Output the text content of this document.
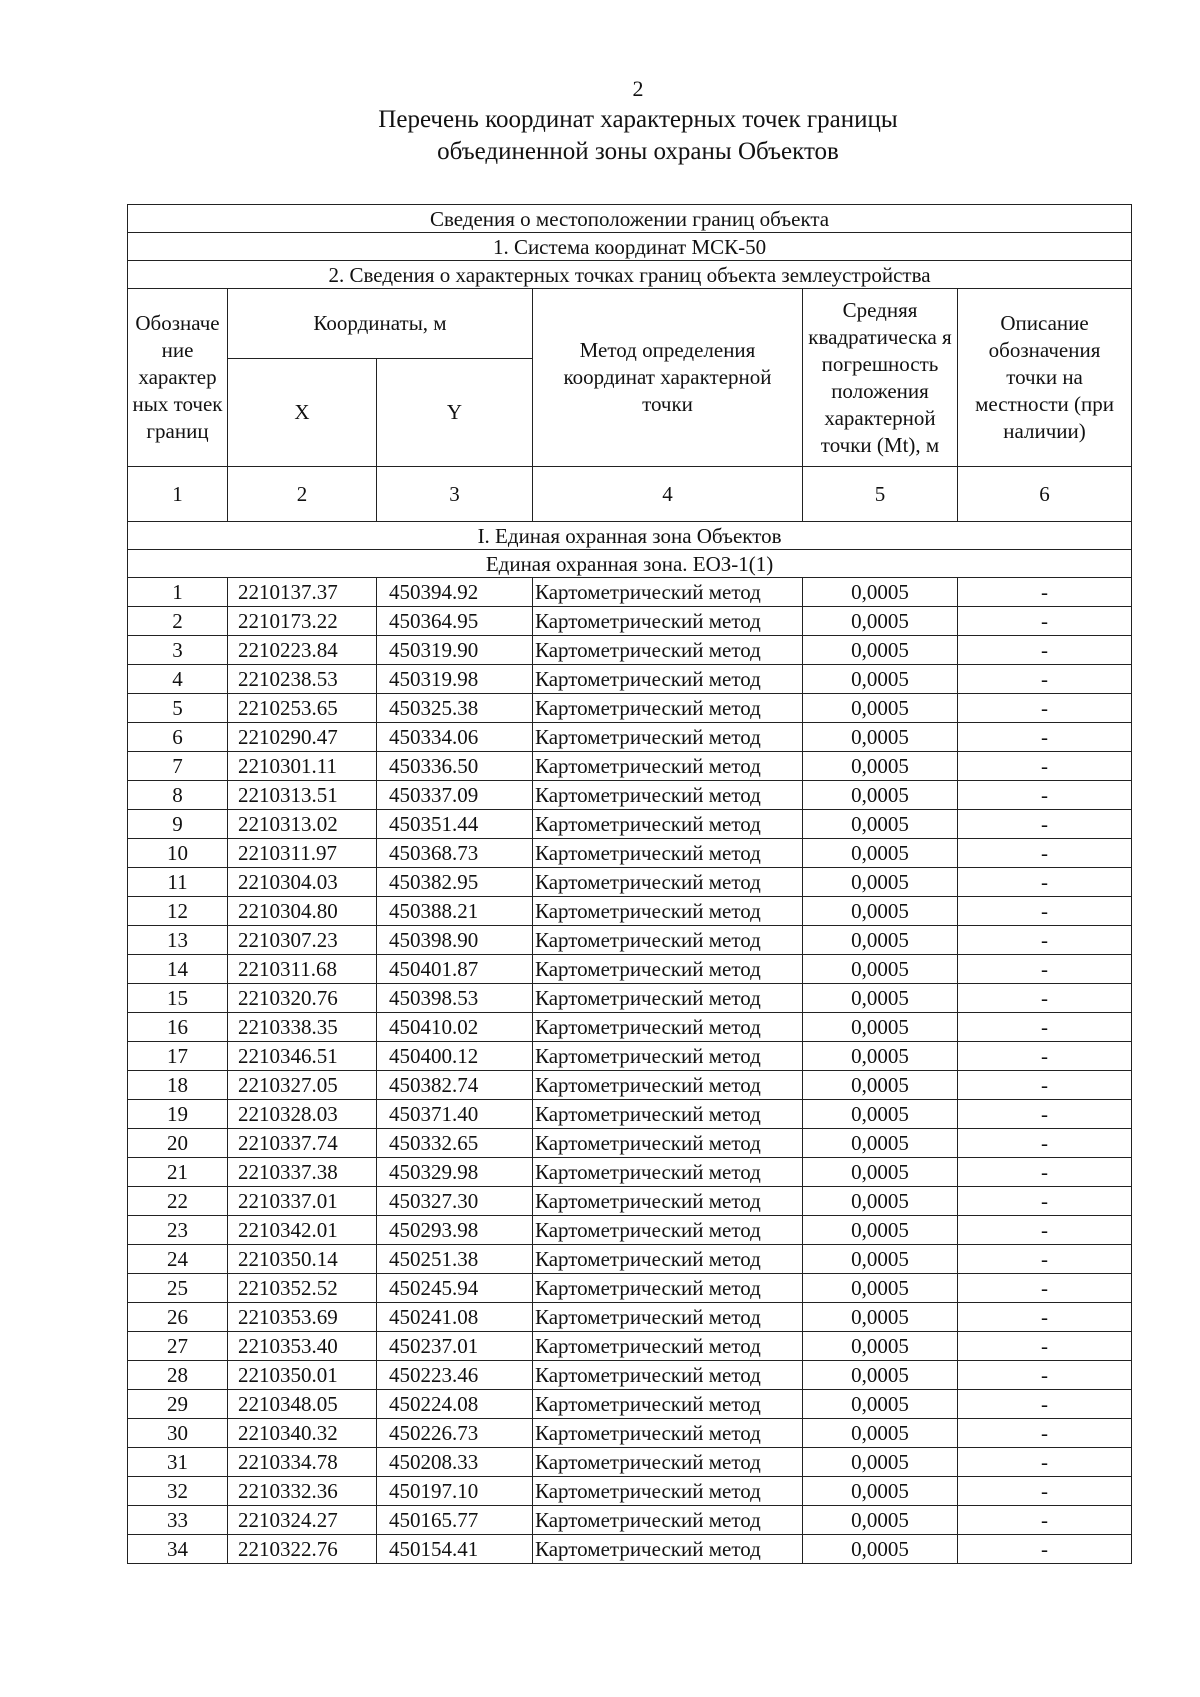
2
Перечень координат характерных точек границы
объединенной зоны охраны Объектов
Сведения о местоположении границ объекта					
1. Система координат МСК-50					
2. Сведения о характерных точках границ объекта землеустройства					
Обозначе ние характер ных точек границ	Координаты, м		Метод определения координат характерной точки	Средняя квадратическа я погрешность положения характерной точки (Mt), м	Описание обозначения точки на местности (при наличии)
	X	Y			
1	2	3	4	5	6
I. Единая охранная зона Объектов					
Единая охранная зона. ЕОЗ-1(1)					
1	2210137.37	450394.92	Картометрический метод	0,0005	-
2	2210173.22	450364.95	Картометрический метод	0,0005	-
3	2210223.84	450319.90	Картометрический метод	0,0005	-
4	2210238.53	450319.98	Картометрический метод	0,0005	-
5	2210253.65	450325.38	Картометрический метод	0,0005	-
6	2210290.47	450334.06	Картометрический метод	0,0005	-
7	2210301.11	450336.50	Картометрический метод	0,0005	-
8	2210313.51	450337.09	Картометрический метод	0,0005	-
9	2210313.02	450351.44	Картометрический метод	0,0005	-
10	2210311.97	450368.73	Картометрический метод	0,0005	-
11	2210304.03	450382.95	Картометрический метод	0,0005	-
12	2210304.80	450388.21	Картометрический метод	0,0005	-
13	2210307.23	450398.90	Картометрический метод	0,0005	-
14	2210311.68	450401.87	Картометрический метод	0,0005	-
15	2210320.76	450398.53	Картометрический метод	0,0005	-
16	2210338.35	450410.02	Картометрический метод	0,0005	-
17	2210346.51	450400.12	Картометрический метод	0,0005	-
18	2210327.05	450382.74	Картометрический метод	0,0005	-
19	2210328.03	450371.40	Картометрический метод	0,0005	-
20	2210337.74	450332.65	Картометрический метод	0,0005	-
21	2210337.38	450329.98	Картометрический метод	0,0005	-
22	2210337.01	450327.30	Картометрический метод	0,0005	-
23	2210342.01	450293.98	Картометрический метод	0,0005	-
24	2210350.14	450251.38	Картометрический метод	0,0005	-
25	2210352.52	450245.94	Картометрический метод	0,0005	-
26	2210353.69	450241.08	Картометрический метод	0,0005	-
27	2210353.40	450237.01	Картометрический метод	0,0005	-
28	2210350.01	450223.46	Картометрический метод	0,0005	-
29	2210348.05	450224.08	Картометрический метод	0,0005	-
30	2210340.32	450226.73	Картометрический метод	0,0005	-
31	2210334.78	450208.33	Картометрический метод	0,0005	-
32	2210332.36	450197.10	Картометрический метод	0,0005	-
33	2210324.27	450165.77	Картометрический метод	0,0005	-
34	2210322.76	450154.41	Картометрический метод	0,0005	-
